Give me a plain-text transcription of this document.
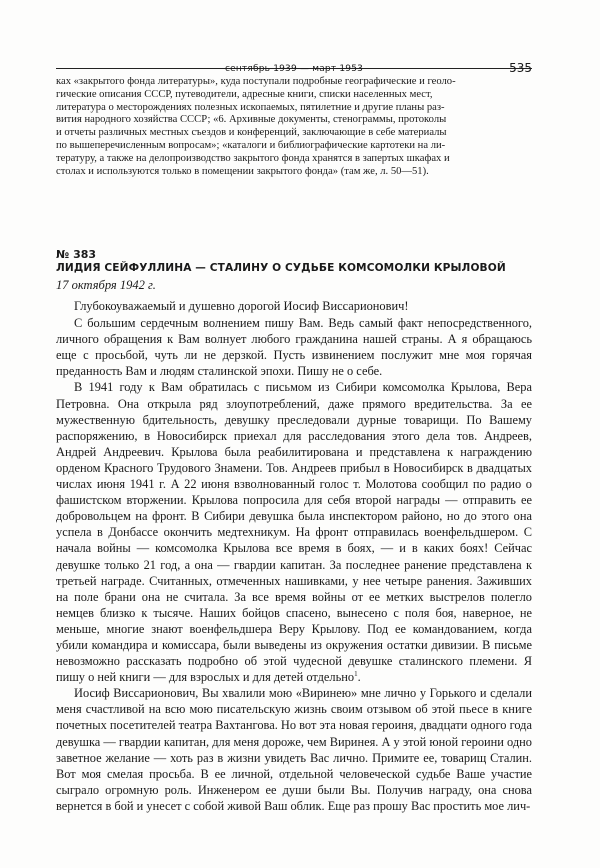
сентябрь 1939 — март 1953	535
каx «закрытого фонда литературы», куда поступали подробные географические и геоло-
гические описания СССР, путеводители, адресные книги, списки населенных мест,
литература о месторождениях полезных ископаемых, пятилетние и другие планы раз-
вития народного хозяйства СССР; «6. Архивные документы, стенограммы, протоколы
и отчеты различных местных съездов и конференций, заключающие в себе материалы
по вышеперечисленным вопросам»; «каталоги и библиографические картотеки на ли-
тературу, а также на делопроизводство закрытого фонда хранятся в запертых шкафах и
столах и используются только в помещении закрытого фонда» (там же, л. 50—51).
№ 383
ЛИДИЯ СЕЙФУЛЛИНА — СТАЛИНУ О СУДЬБЕ КОМСОМОЛКИ КРЫЛОВОЙ
17 октября 1942 г.

Глубокоуважаемый и душевно дорогой Иосиф Виссарионович!

С большим сердечным волнением пишу Вам. Ведь самый факт непосредственного, личного обращения к Вам волнует любого гражданина нашей страны. А я обращаюсь еще с просьбой, чуть ли не дерзкой. Пусть извинением послужит мне моя горячая преданность Вам и людям сталинской эпохи. Пишу не о себе.

В 1941 году к Вам обратилась с письмом из Сибири комсомолка Крылова, Вера Петровна. Она открыла ряд злоупотреблений, даже прямого вредительства. За ее мужественную бдительность, девушку преследовали дурные товарищи. По Вашему распоряжению, в Новосибирск приехал для расследования этого дела тов. Андреев, Андрей Андреевич. Крылова была реабилитирована и представлена к награждению орденом Красного Трудового Знамени. Тов. Андреев прибыл в Новосибирск в двадцатых числах июня 1941 г. А 22 июня взволнованный голос т. Молотова сообщил по радио о фашистском вторжении. Крылова попросила для себя второй награды — отправить ее добровольцем на фронт. В Сибири девушка была инспектором районо, но до этого она успела в Донбассе окончить медтехникум. На фронт отправилась военфельдшером. С начала войны — комсомолка Крылова все время в боях, — и в каких боях! Сейчас девушке только 21 год, а она — гвардии капитан. За последнее ранение представлена к третьей награде. Считанных, отмеченных нашивками, у нее четыре ранения. Заживших на поле брани она не считала. За все время войны от ее метких выстрелов полегло немцев близко к тысяче. Наших бойцов спасено, вынесено с поля боя, наверное, не меньше, многие знают военфельдшера Веру Крылову. Под ее командованием, когда убили командира и комиссара, были выведены из окружения остатки дивизии. В письме невозможно рассказать подробно об этой чудесной девушке сталинского племени. Я пишу о ней книги — для взрослых и для детей отдельно$^1$.

Иосиф Виссарионович, Вы хвалили мою «Виринею» мне лично у Горького и сделали меня счастливой на всю мою писательскую жизнь своим отзывом об этой пьесе в книге почетных посетителей театра Вахтангова. Но вот эта новая героиня, двадцати одного года девушка — гвардии капитан, для меня дороже, чем Виринея. А у этой юной героини одно заветное желание — хоть раз в жизни увидеть Вас лично. Примите ее, товарищ Сталин. Вот моя смелая просьба. В ее личной, отдельной человеческой судьбе Ваше участие сыграло огромную роль. Инженером ее души были Вы. Получив награду, она снова вернется в бой и унесет с собой живой Ваш облик. Еще раз прошу Вас простить мое лич-
